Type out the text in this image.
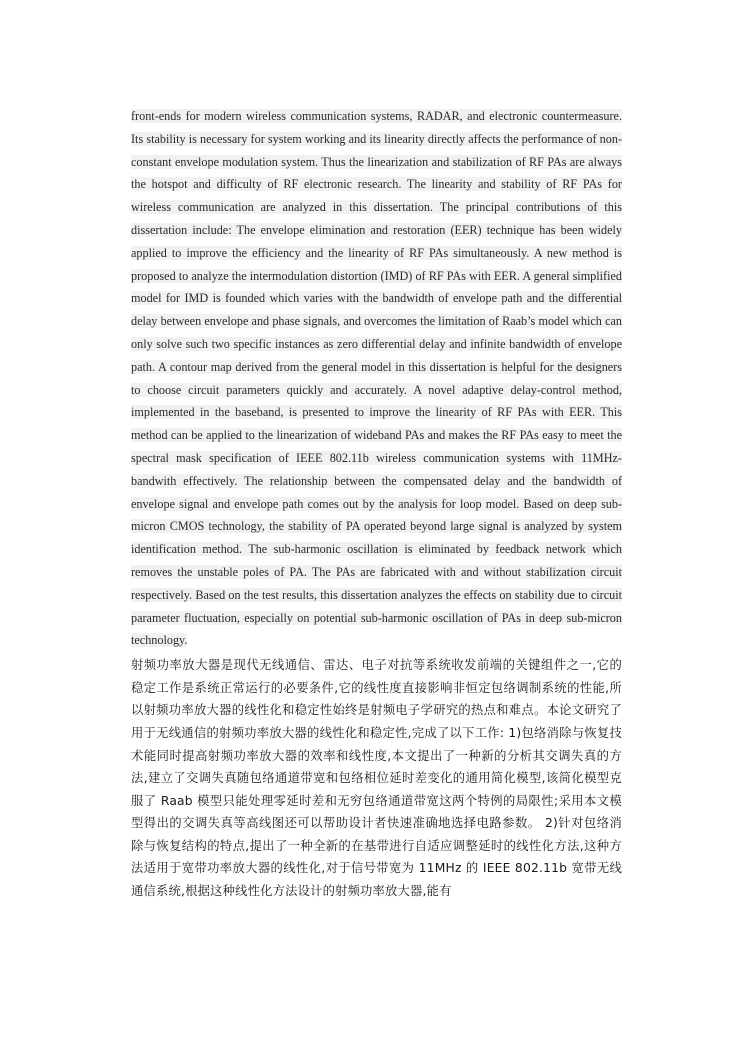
front-ends for modern wireless communication systems, RADAR, and electronic countermeasure. Its stability is necessary for system working and its linearity directly affects the performance of non-constant envelope modulation system. Thus the linearization and stabilization of RF PAs are always the hotspot and difficulty of RF electronic research. The linearity and stability of RF PAs for wireless communication are analyzed in this dissertation. The principal contributions of this dissertation include: The envelope elimination and restoration (EER) technique has been widely applied to improve the efficiency and the linearity of RF PAs simultaneously. A new method is proposed to analyze the intermodulation distortion (IMD) of RF PAs with EER. A general simplified model for IMD is founded which varies with the bandwidth of envelope path and the differential delay between envelope and phase signals, and overcomes the limitation of Raab’s model which can only solve such two specific instances as zero differential delay and infinite bandwidth of envelope path. A contour map derived from the general model in this dissertation is helpful for the designers to choose circuit parameters quickly and accurately. A novel adaptive delay-control method, implemented in the baseband, is presented to improve the linearity of RF PAs with EER. This method can be applied to the linearization of wideband PAs and makes the RF PAs easy to meet the spectral mask specification of IEEE 802.11b wireless communication systems with 11MHz-bandwith effectively. The relationship between the compensated delay and the bandwidth of envelope signal and envelope path comes out by the analysis for loop model. Based on deep sub-micron CMOS technology, the stability of PA operated beyond large signal is analyzed by system identification method. The sub-harmonic oscillation is eliminated by feedback network which removes the unstable poles of PA. The PAs are fabricated with and without stabilization circuit respectively. Based on the test results, this dissertation analyzes the effects on stability due to circuit parameter fluctuation, especially on potential sub-harmonic oscillation of PAs in deep sub-micron technology.

射频功率放大器是现代无线通信、雷达、电子对抗等系统收发前端的关键组件之一,它的稳定工作是系统正常运行的必要条件,它的线性度直接影响非恒定包络调制系统的性能,所以射频功率放大器的线性化和稳定性始终是射频电子学研究的热点和难点。本论文研究了用于无线通信的射频功率放大器的线性化和稳定性,完成了以下工作: 1)包络消除与恢复技术能同时提高射频功率放大器的效率和线性度,本文提出了一种新的分析其交调失真的方法,建立了交调失真随包络通道带宽和包络相位延时差变化的通用简化模型,该简化模型克服了 Raab 模型只能处理零延时差和无穷包络通道带宽这两个特例的局限性;采用本文模型得出的交调失真等高线图还可以帮助设计者快速准确地选择电路参数。 2)针对包络消除与恢复结构的特点,提出了一种全新的在基带进行自适应调整延时的线性化方法,这种方法适用于宽带功率放大器的线性化,对于信号带宽为 11MHz 的 IEEE 802.11b 宽带无线通信系统,根据这种线性化方法设计的射频功率放大器,能有
